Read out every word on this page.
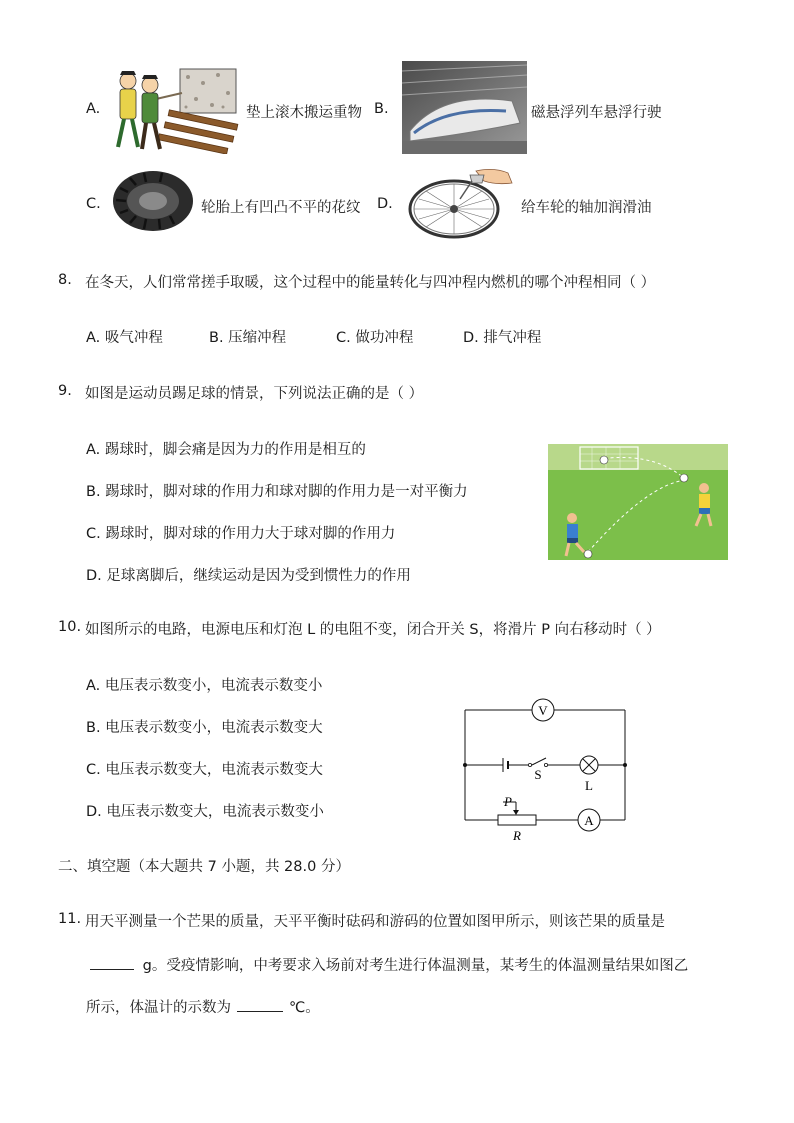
A.	垫上滚木搬运重物 B.	磁悬浮列车悬浮行驶
C.	轮胎上有凹凸不平的花纹 D.	给车轮的轴加润滑油
8. 在冬天，人们常常搓手取暖，这个过程中的能量转化与四冲程内燃机的哪个冲程相同（ ）
A. 吸气冲程	B. 压缩冲程	C. 做功冲程	D. 排气冲程
9. 如图是运动员踢足球的情景，下列说法正确的是（ ）
A. 踢球时，脚会痛是因为力的作用是相互的
B. 踢球时，脚对球的作用力和球对脚的作用力是一对平衡力
C. 踢球时，脚对球的作用力大于球对脚的作用力
D. 足球离脚后，继续运动是因为受到惯性力的作用
10. 如图所示的电路，电源电压和灯泡 L 的电阻不变，闭合开关 S，将滑片 P 向右移动时（ ）
A. 电压表示数变小，电流表示数变小
B. 电压表示数变小，电流表示数变大
C. 电压表示数变大，电流表示数变大
D. 电压表示数变大，电流表示数变小
V
A
S
L
P
R
二、填空题（本大题共 7 小题，共 28.0 分）
11. 用天平测量一个芒果的质量，天平平衡时砝码和游码的位置如图甲所示，则该芒果的质量是
g。受疫情影响，中考要求入场前对考生进行体温测量，某考生的体温测量结果如图乙
所示，体温计的示数为	℃。
